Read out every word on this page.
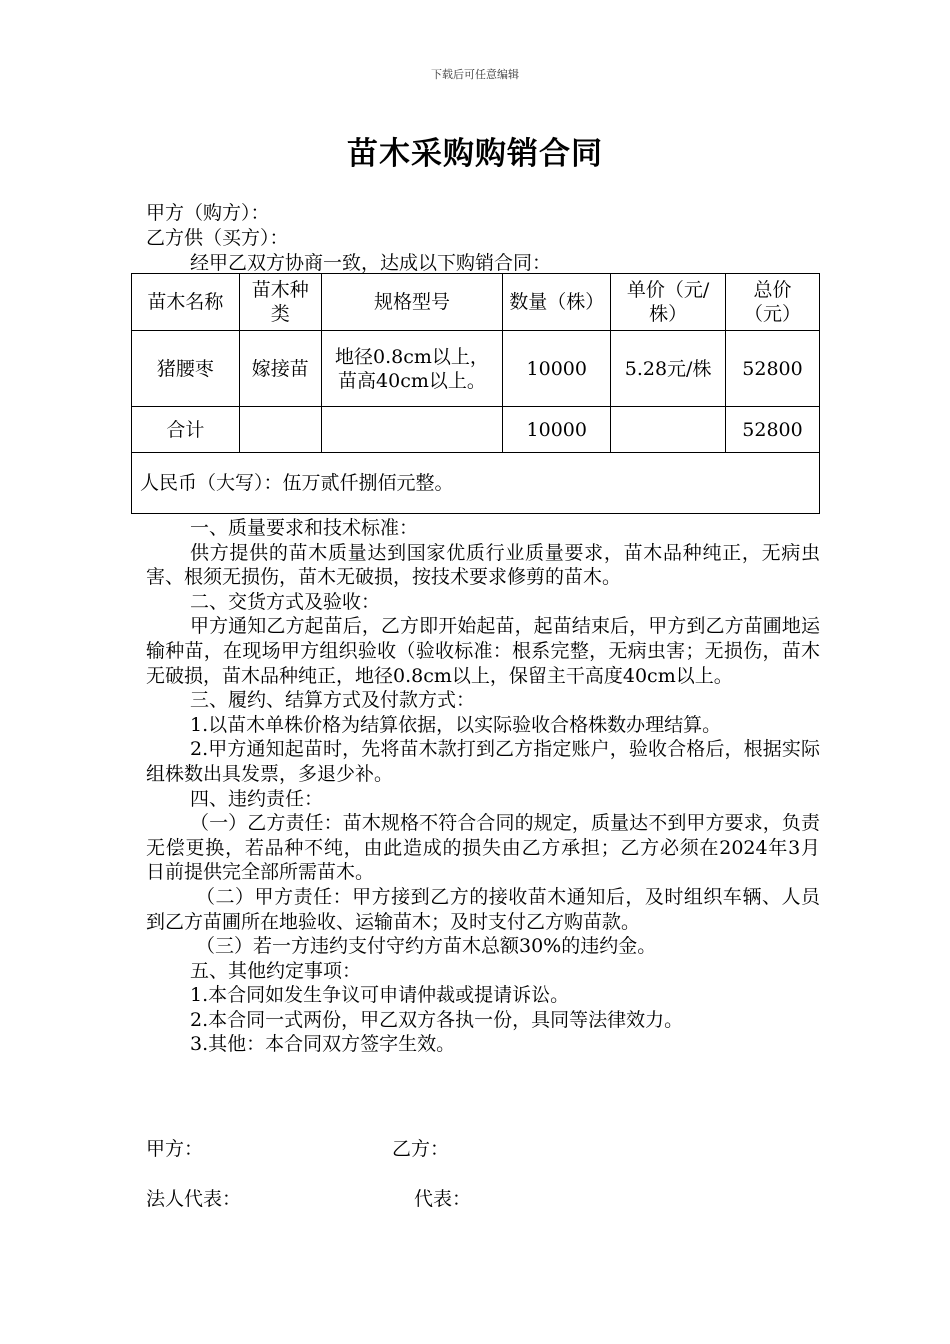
下载后可任意编辑
苗木采购购销合同
甲方（购方）：
乙方供（买方）：
经甲乙双方协商一致，达成以下购销合同：
苗木名称	苗木种类	规格型号	数量（株）	单价（元/株）	总价（元）
猪腰枣	嫁接苗	地径0.8cm以上，苗高40cm以上。	10000	5.28元/株	52800
合计			10000		52800
人民币（大写）：伍万贰仟捌佰元整。					

一、质量要求和技术标准：

供方提供的苗木质量达到国家优质行业质量要求，苗木品种纯正，无病虫害、根须无损伤，苗木无破损，按技术要求修剪的苗木。

二、交货方式及验收：

甲方通知乙方起苗后，乙方即开始起苗，起苗结束后，甲方到乙方苗圃地运输种苗，在现场甲方组织验收（验收标准：根系完整，无病虫害；无损伤，苗木无破损，苗木品种纯正，地径0.8cm以上，保留主干高度40cm以上。

三、履约、结算方式及付款方式：

1.以苗木单株价格为结算依据，以实际验收合格株数办理结算。

2.甲方通知起苗时，先将苗木款打到乙方指定账户，验收合格后，根据实际组株数出具发票，多退少补。

四、违约责任：

（一）乙方责任：苗木规格不符合合同的规定，质量达不到甲方要求，负责无偿更换，若品种不纯，由此造成的损失由乙方承担；乙方必须在2024年3月　 日前提供完全部所需苗木。

（二）甲方责任：甲方接到乙方的接收苗木通知后，及时组织车辆、人员到乙方苗圃所在地验收、运输苗木；及时支付乙方购苗款。

（三）若一方违约支付守约方苗木总额30%的违约金。

五、其他约定事项：

1.本合同如发生争议可申请仲裁或提请诉讼。

2.本合同一式两份，甲乙双方各执一份，具同等法律效力。

3.其他：本合同双方签字生效。

甲方：	乙方：
法人代表：	代表：
